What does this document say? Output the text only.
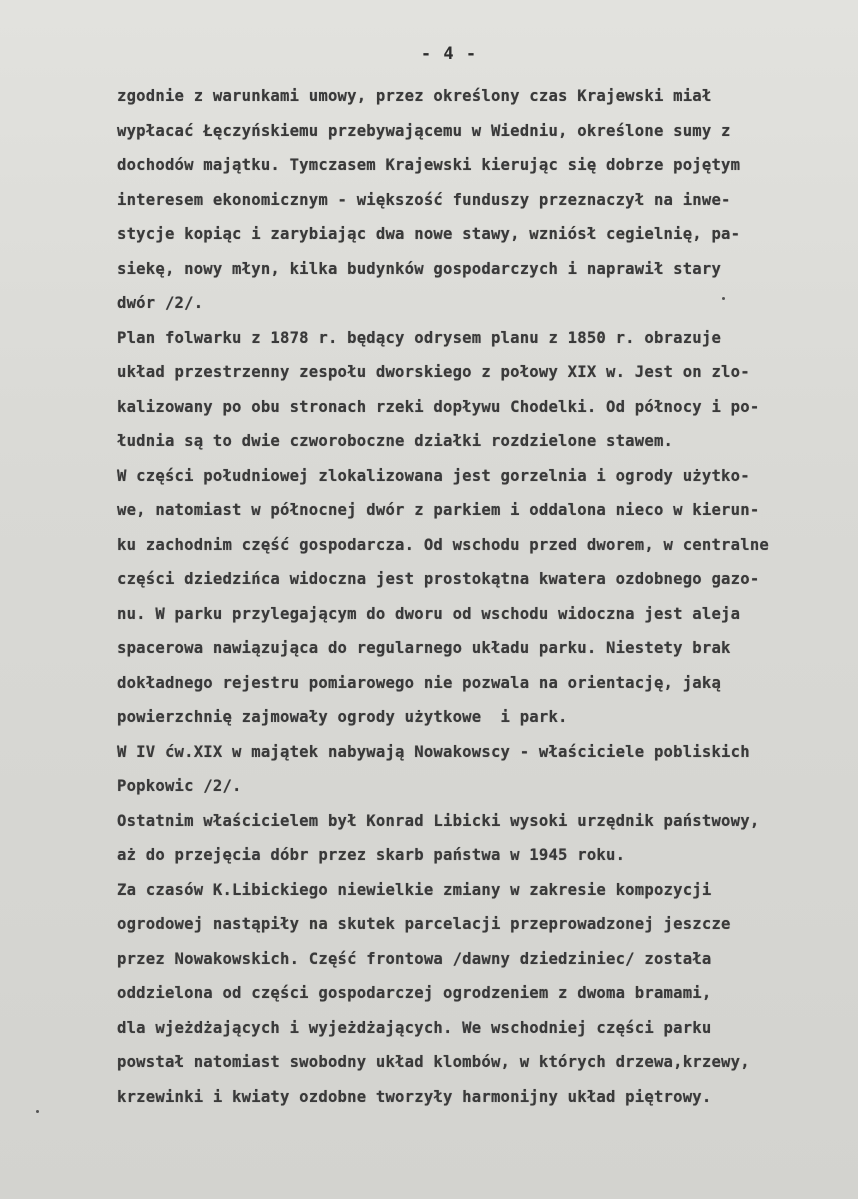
- 4 -
zgodnie z warunkami umowy, przez określony czas Krajewski miał
wypłacać Łęczyńskiemu przebywającemu w Wiedniu, określone sumy z
dochodów majątku. Tymczasem Krajewski kierując się dobrze pojętym
interesem ekonomicznym - większość funduszy przeznaczył na inwe-
stycje kopiąc i zarybiając dwa nowe stawy, wzniósł cegielnię, pa-
siekę, nowy młyn, kilka budynków gospodarczych i naprawił stary
dwór /2/.
Plan folwarku z 1878 r. będący odrysem planu z 1850 r. obrazuje
układ przestrzenny zespołu dworskiego z połowy XIX w. Jest on zlo-
kalizowany po obu stronach rzeki dopływu Chodelki. Od północy i po-
łudnia są to dwie czworoboczne działki rozdzielone stawem.
W części południowej zlokalizowana jest gorzelnia i ogrody użytko-
we, natomiast w północnej dwór z parkiem i oddalona nieco w kierun-
ku zachodnim część gospodarcza. Od wschodu przed dworem, w centralne
części dziedzińca widoczna jest prostokątna kwatera ozdobnego gazo-
nu. W parku przylegającym do dworu od wschodu widoczna jest aleja
spacerowa nawiązująca do regularnego układu parku. Niestety brak
dokładnego rejestru pomiarowego nie pozwala na orientację, jaką
powierzchnię zajmowały ogrody użytkowe  i park.
W IV ćw.XIX w majątek nabywają Nowakowscy - właściciele pobliskich
Popkowic /2/.
Ostatnim właścicielem był Konrad Libicki wysoki urzędnik państwowy,
aż do przejęcia dóbr przez skarb państwa w 1945 roku.
Za czasów K.Libickiego niewielkie zmiany w zakresie kompozycji
ogrodowej nastąpiły na skutek parcelacji przeprowadzonej jeszcze
przez Nowakowskich. Część frontowa /dawny dziedziniec/ została
oddzielona od części gospodarczej ogrodzeniem z dwoma bramami,
dla wjeżdżających i wyjeżdżających. We wschodniej części parku
powstał natomiast swobodny układ klombów, w których drzewa,krzewy,
krzewinki i kwiaty ozdobne tworzyły harmonijny układ piętrowy.
